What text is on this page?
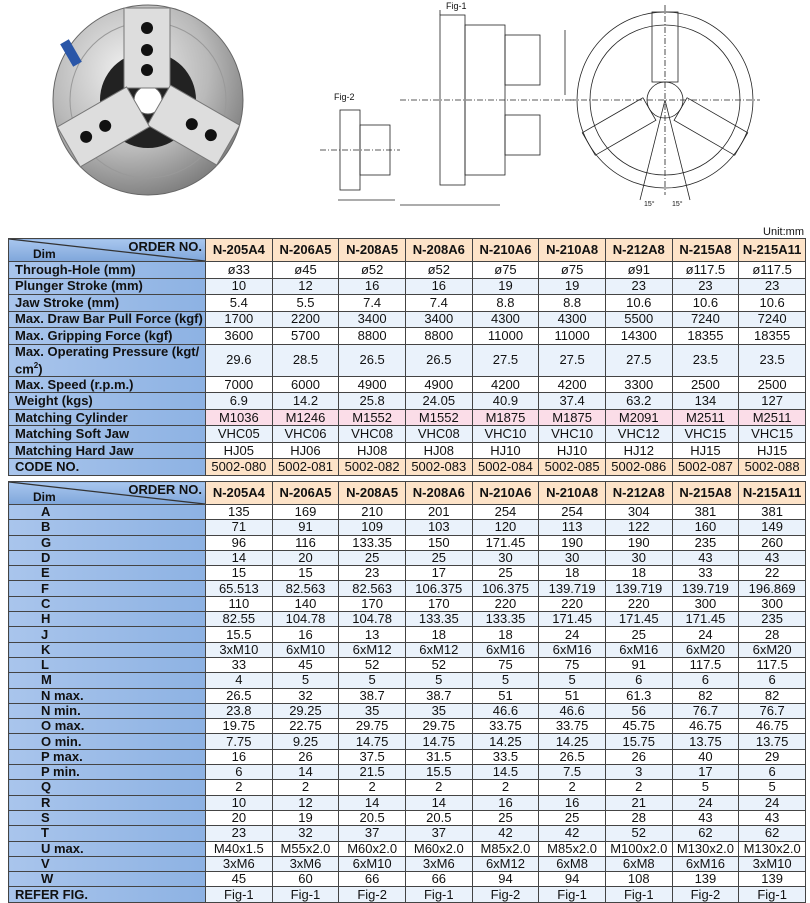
Fig-1
Fig-2
15° 15°
Unit:mm
ORDER NO.
Dim	N-205A4	N-206A5	N-208A5	N-208A6	N-210A6	N-210A8	N-212A8	N-215A8	N-215A11
Through-Hole (mm)	ø33	ø45	ø52	ø52	ø75	ø75	ø91	ø117.5	ø117.5
Plunger Stroke (mm)	10	12	16	16	19	19	23	23	23
Jaw Stroke (mm)	5.4	5.5	7.4	7.4	8.8	8.8	10.6	10.6	10.6
Max. Draw Bar Pull Force (kgf)	1700	2200	3400	3400	4300	4300	5500	7240	7240
Max. Gripping Force (kgf)	3600	5700	8800	8800	11000	11000	14300	18355	18355
Max. Operating Pressure (kgt/
$cm^2$)	29.6	28.5	26.5	26.5	27.5	27.5	27.5	23.5	23.5
Max. Speed (r.p.m.)	7000	6000	4900	4900	4200	4200	3300	2500	2500
Weight (kgs)	6.9	14.2	25.8	24.05	40.9	37.4	63.2	134	127
Matching Cylinder	M1036	M1246	M1552	M1552	M1875	M1875	M2091	M2511	M2511
Matching Soft Jaw	VHC05	VHC06	VHC08	VHC08	VHC10	VHC10	VHC12	VHC15	VHC15
Matching Hard Jaw	HJ05	HJ06	HJ08	HJ08	HJ10	HJ10	HJ12	HJ15	HJ15
CODE NO.	5002-080	5002-081	5002-082	5002-083	5002-084	5002-085	5002-086	5002-087	5002-088
ORDER NO.
Dim	N-205A4	N-206A5	N-208A5	N-208A6	N-210A6	N-210A8	N-212A8	N-215A8	N-215A11
A	135	169	210	201	254	254	304	381	381
B	71	91	109	103	120	113	122	160	149
G	96	116	133.35	150	171.45	190	190	235	260
D	14	20	25	25	30	30	30	43	43
E	15	15	23	17	25	18	18	33	22
F	65.513	82.563	82.563	106.375	106.375	139.719	139.719	139.719	196.869
C	110	140	170	170	220	220	220	300	300
H	82.55	104.78	104.78	133.35	133.35	171.45	171.45	171.45	235
J	15.5	16	13	18	18	24	25	24	28
K	3xM10	6xM10	6xM12	6xM12	6xM16	6xM16	6xM16	6xM20	6xM20
L	33	45	52	52	75	75	91	117.5	117.5
M	4	5	5	5	5	5	6	6	6
N max.	26.5	32	38.7	38.7	51	51	61.3	82	82
N min.	23.8	29.25	35	35	46.6	46.6	56	76.7	76.7
O max.	19.75	22.75	29.75	29.75	33.75	33.75	45.75	46.75	46.75
O min.	7.75	9.25	14.75	14.75	14.25	14.25	15.75	13.75	13.75
P max.	16	26	37.5	31.5	33.5	26.5	26	40	29
P min.	6	14	21.5	15.5	14.5	7.5	3	17	6
Q	2	2	2	2	2	2	2	5	5
R	10	12	14	14	16	16	21	24	24
S	20	19	20.5	20.5	25	25	28	43	43
T	23	32	37	37	42	42	52	62	62
U max.	M40x1.5	M55x2.0	M60x2.0	M60x2.0	M85x2.0	M85x2.0	M100x2.0	M130x2.0	M130x2.0
V	3xM6	3xM6	6xM10	3xM6	6xM12	6xM8	6xM8	6xM16	3xM10
W	45	60	66	66	94	94	108	139	139
REFER FIG.	Fig-1	Fig-1	Fig-2	Fig-1	Fig-2	Fig-1	Fig-1	Fig-2	Fig-1
